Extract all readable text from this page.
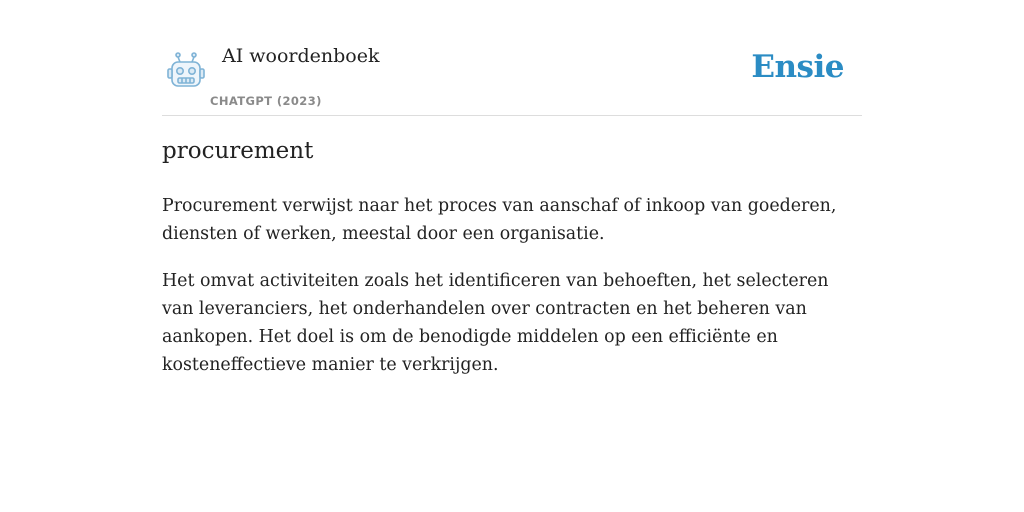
AI woordenboek
CHATGPT (2023)
Ensie
procurement

Procurement verwijst naar het proces van aanschaf of inkoop van goederen, diensten of werken, meestal door een organisatie.

Het omvat activiteiten zoals het identificeren van behoeften, het selecteren van leveranciers, het onderhandelen over contracten en het beheren van aankopen. Het doel is om de benodigde middelen op een efficiënte en kosteneffectieve manier te verkrijgen.
